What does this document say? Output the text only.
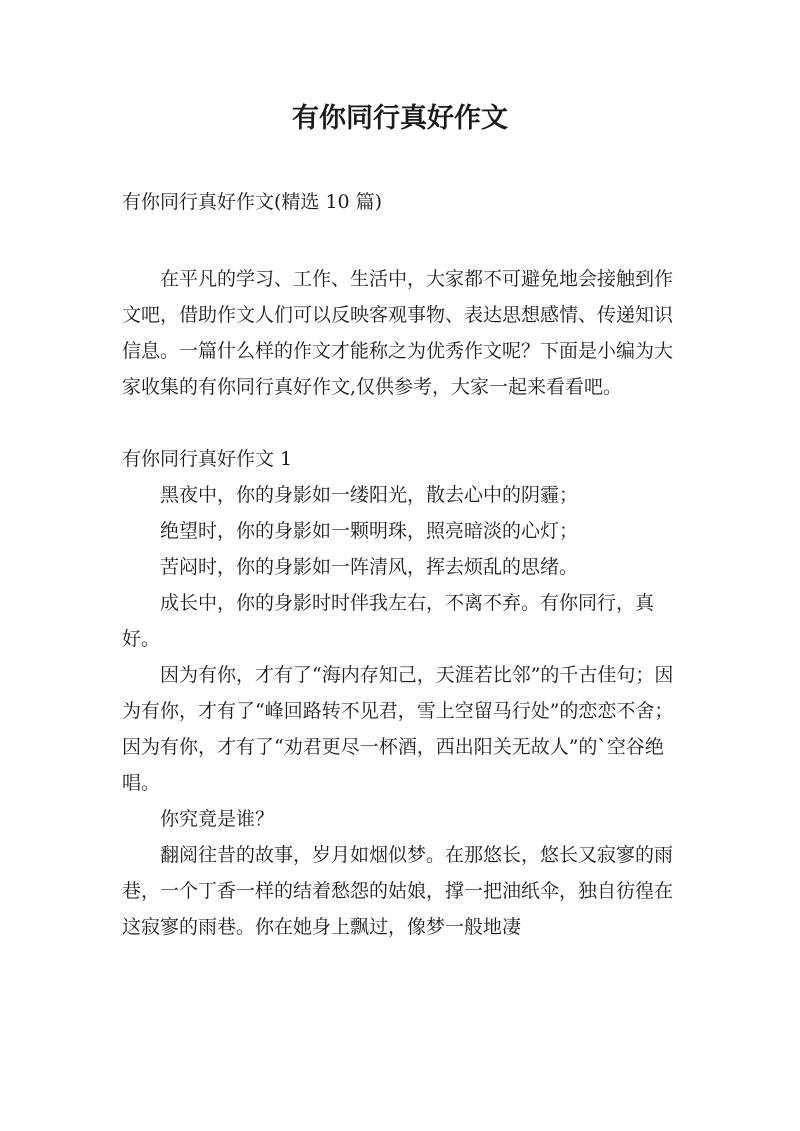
有你同行真好作文

有你同行真好作文(精选 10 篇)

在平凡的学习、工作、生活中，大家都不可避免地会接触到作文吧，借助作文人们可以反映客观事物、表达思想感情、传递知识信息。一篇什么样的作文才能称之为优秀作文呢？下面是小编为大家收集的有你同行真好作文,仅供参考，大家一起来看看吧。

有你同行真好作文 1

黑夜中，你的身影如一缕阳光，散去心中的阴霾；

绝望时，你的身影如一颗明珠，照亮暗淡的心灯；

苦闷时，你的身影如一阵清风，挥去烦乱的思绪。

成长中，你的身影时时伴我左右，不离不弃。有你同行，真好。

因为有你，才有了“海内存知己，天涯若比邻”的千古佳句；因为有你，才有了“峰回路转不见君，雪上空留马行处”的恋恋不舍；因为有你，才有了“劝君更尽一杯酒，西出阳关无故人”的`空谷绝唱。

你究竟是谁？

翻阅往昔的故事，岁月如烟似梦。在那悠长，悠长又寂寥的雨巷，一个丁香一样的结着愁怨的姑娘，撑一把油纸伞，独自彷徨在这寂寥的雨巷。你在她身上飘过，像梦一般地凄
